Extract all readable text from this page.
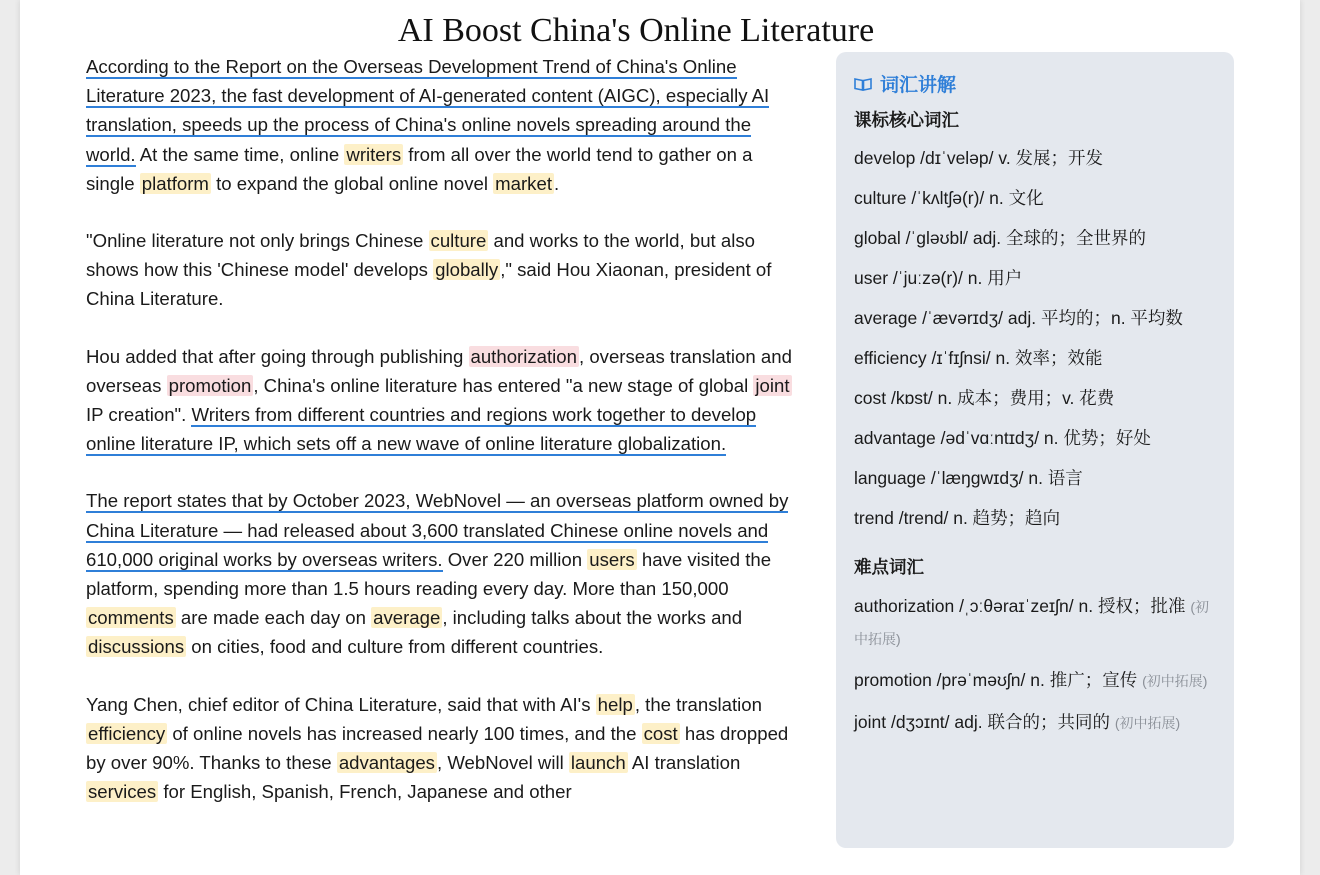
AI Boost China's Online Literature

According to the Report on the Overseas Development Trend of China's Online Literature 2023, the fast development of AI-generated content (AIGC), especially AI translation, speeds up the process of China's online novels spreading around the world. At the same time, online writers from all over the world tend to gather on a single platform to expand the global online novel market .

"Online literature not only brings Chinese culture and works to the world, but also shows how this 'Chinese model' develops globally ," said Hou Xiaonan, president of China Literature.

Hou added that after going through publishing authorization , overseas translation and overseas promotion , China's online literature has entered "a new stage of global joint IP creation". Writers from different countries and regions work together to develop online literature IP, which sets off a new wave of online literature globalization.

The report states that by October 2023, WebNovel — an overseas platform owned by China Literature — had released about 3,600 translated Chinese online novels and 610,000 original works by overseas writers. Over 220 million users have visited the platform, spending more than 1.5 hours reading every day. More than 150,000 comments are made each day on average , including talks about the works and discussions on cities, food and culture from different countries.

Yang Chen, chief editor of China Literature, said that with AI's help , the translation efficiency of online novels has increased nearly 100 times, and the cost has dropped by over 90%. Thanks to these advantages , WebNovel will launch AI translation services for English, Spanish, French, Japanese and other

词汇讲解
课标核心词汇
develop /dɪˈveləp/ v. 发展；开发
culture /ˈkʌltʃə(r)/ n. 文化
global /ˈɡləʊbl/ adj. 全球的；全世界的
user /ˈjuːzə(r)/ n. 用户
average /ˈævərɪdʒ/ adj. 平均的；n. 平均数
efficiency /ɪˈfɪʃnsi/ n. 效率；效能
cost /kɒst/ n. 成本；费用；v. 花费
advantage /ədˈvɑːntɪdʒ/ n. 优势；好处
language /ˈlæŋɡwɪdʒ/ n. 语言
trend /trend/ n. 趋势；趋向
难点词汇
authorization /ˌɔːθəraɪˈzeɪʃn/ n. 授权；批准 (初中拓展)
promotion /prəˈməʊʃn/ n. 推广；宣传 (初中拓展)
joint /dʒɔɪnt/ adj. 联合的；共同的 (初中拓展)
